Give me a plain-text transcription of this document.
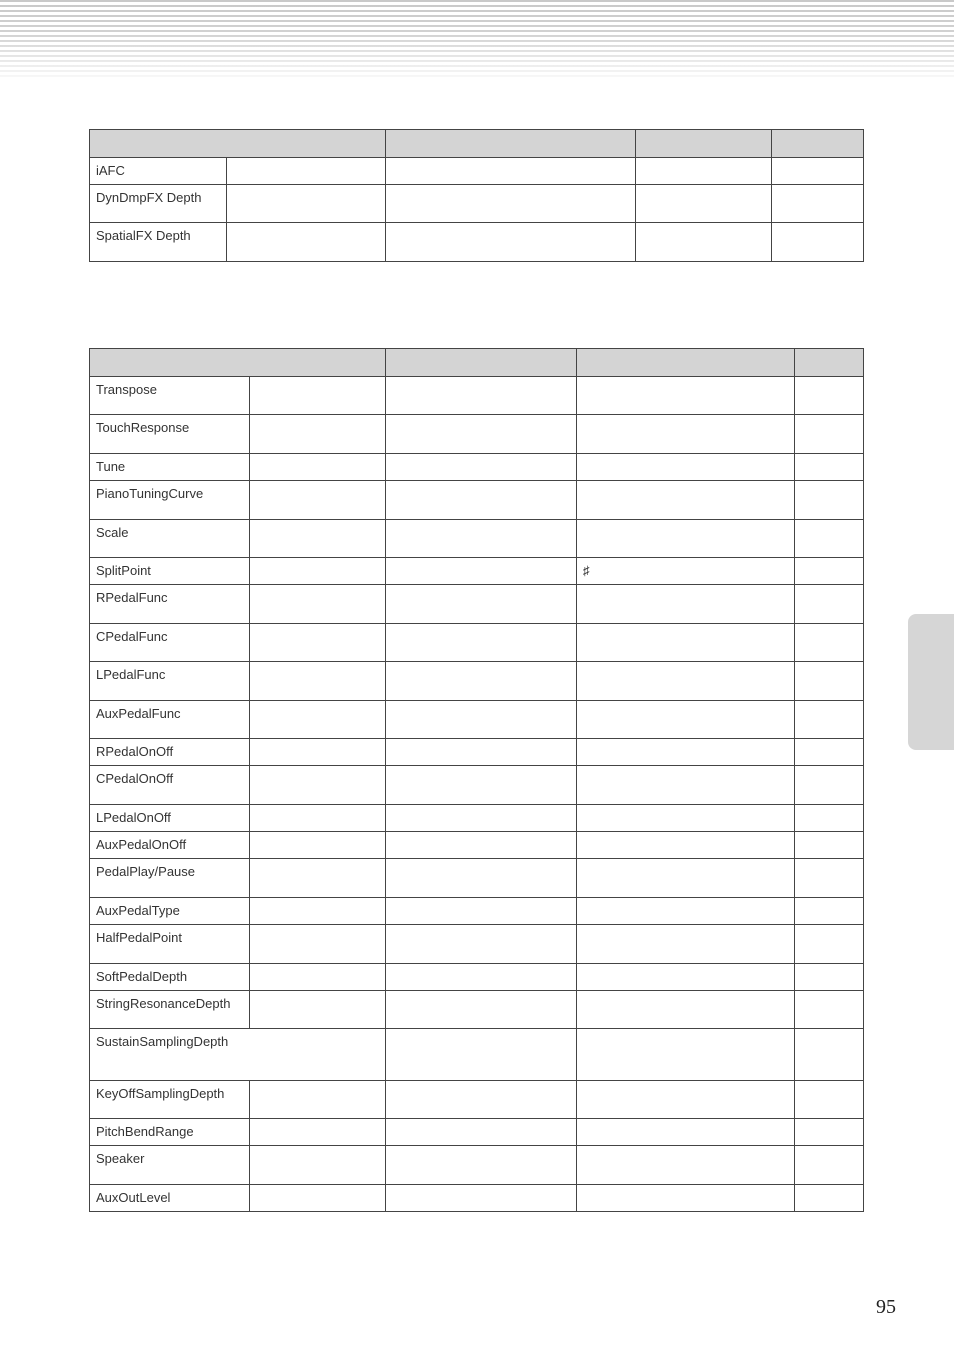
iAFC				
DynDmpFX Depth				
SpatialFX Depth				

Transpose				
TouchResponse				
Tune				
PianoTuningCurve				
Scale				
SplitPoint			♯	
RPedalFunc				
CPedalFunc				
LPedalFunc				
AuxPedalFunc				
RPedalOnOff				
CPedalOnOff				
LPedalOnOff				
AuxPedalOnOff				
PedalPlay/Pause				
AuxPedalType				
HalfPedalPoint				
SoftPedalDepth				
StringResonanceDepth				
SustainSamplingDepth				
KeyOffSamplingDepth				
PitchBendRange				
Speaker				
AuxOutLevel				
95
